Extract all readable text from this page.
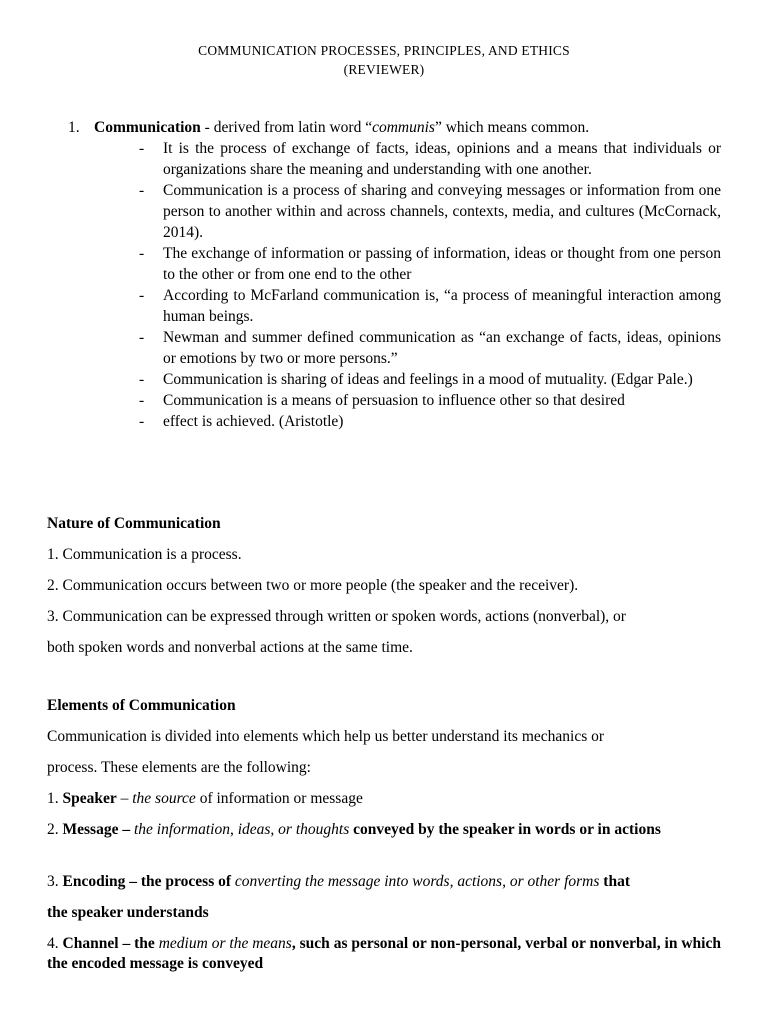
COMMUNICATION PROCESSES, PRINCIPLES, AND ETHICS
(REVIEWER)
1. Communication - derived from latin word “communis” which means common.
- It is the process of exchange of facts, ideas, opinions and a means that individuals or organizations share the meaning and understanding with one another.
- Communication is a process of sharing and conveying messages or information from one person to another within and across channels, contexts, media, and cultures (McCornack, 2014).
- The exchange of information or passing of information, ideas or thought from one person to the other or from one end to the other
- According to McFarland communication is, “a process of meaningful interaction among human beings.
- Newman and summer defined communication as “an exchange of facts, ideas, opinions or emotions by two or more persons.”
- Communication is sharing of ideas and feelings in a mood of mutuality. (Edgar Pale.)
- Communication is a means of persuasion to influence other so that desired
- effect is achieved. (Aristotle)
Nature of Communication
1. Communication is a process.
2. Communication occurs between two or more people (the speaker and the receiver).
3. Communication can be expressed through written or spoken words, actions (nonverbal), or
both spoken words and nonverbal actions at the same time.
Elements of Communication
Communication is divided into elements which help us better understand its mechanics or
process. These elements are the following:
1. Speaker – the source of information or message
2. Message – the information, ideas, or thoughts conveyed by the speaker in words or in actions
3. Encoding – the process of converting the message into words, actions, or other forms that
the speaker understands
4. Channel – the medium or the means, such as personal or non-personal, verbal or nonverbal, in which the encoded message is conveyed
